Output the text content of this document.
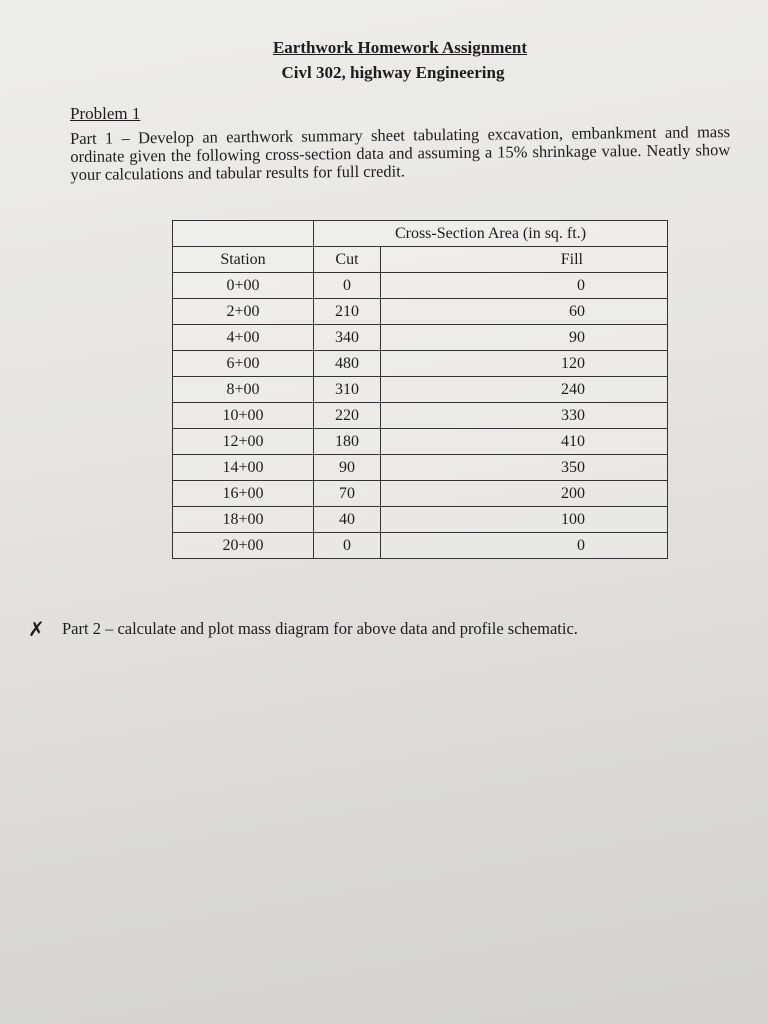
Earthwork Homework Assignment
Civl 302, highway Engineering
Problem 1
Part 1 – Develop an earthwork summary sheet tabulating excavation, embankment and mass ordinate given the following cross-section data and assuming a 15% shrinkage value. Neatly show your calculations and tabular results for full credit.
	Cross-Section Area (in sq. ft.)	
Station	Cut	Fill
0+00	0	0
2+00	210	60
4+00	340	90
6+00	480	120
8+00	310	240
10+00	220	330
12+00	180	410
14+00	90	350
16+00	70	200
18+00	40	100
20+00	0	0
✗ Part 2 – calculate and plot mass diagram for above data and profile schematic.
